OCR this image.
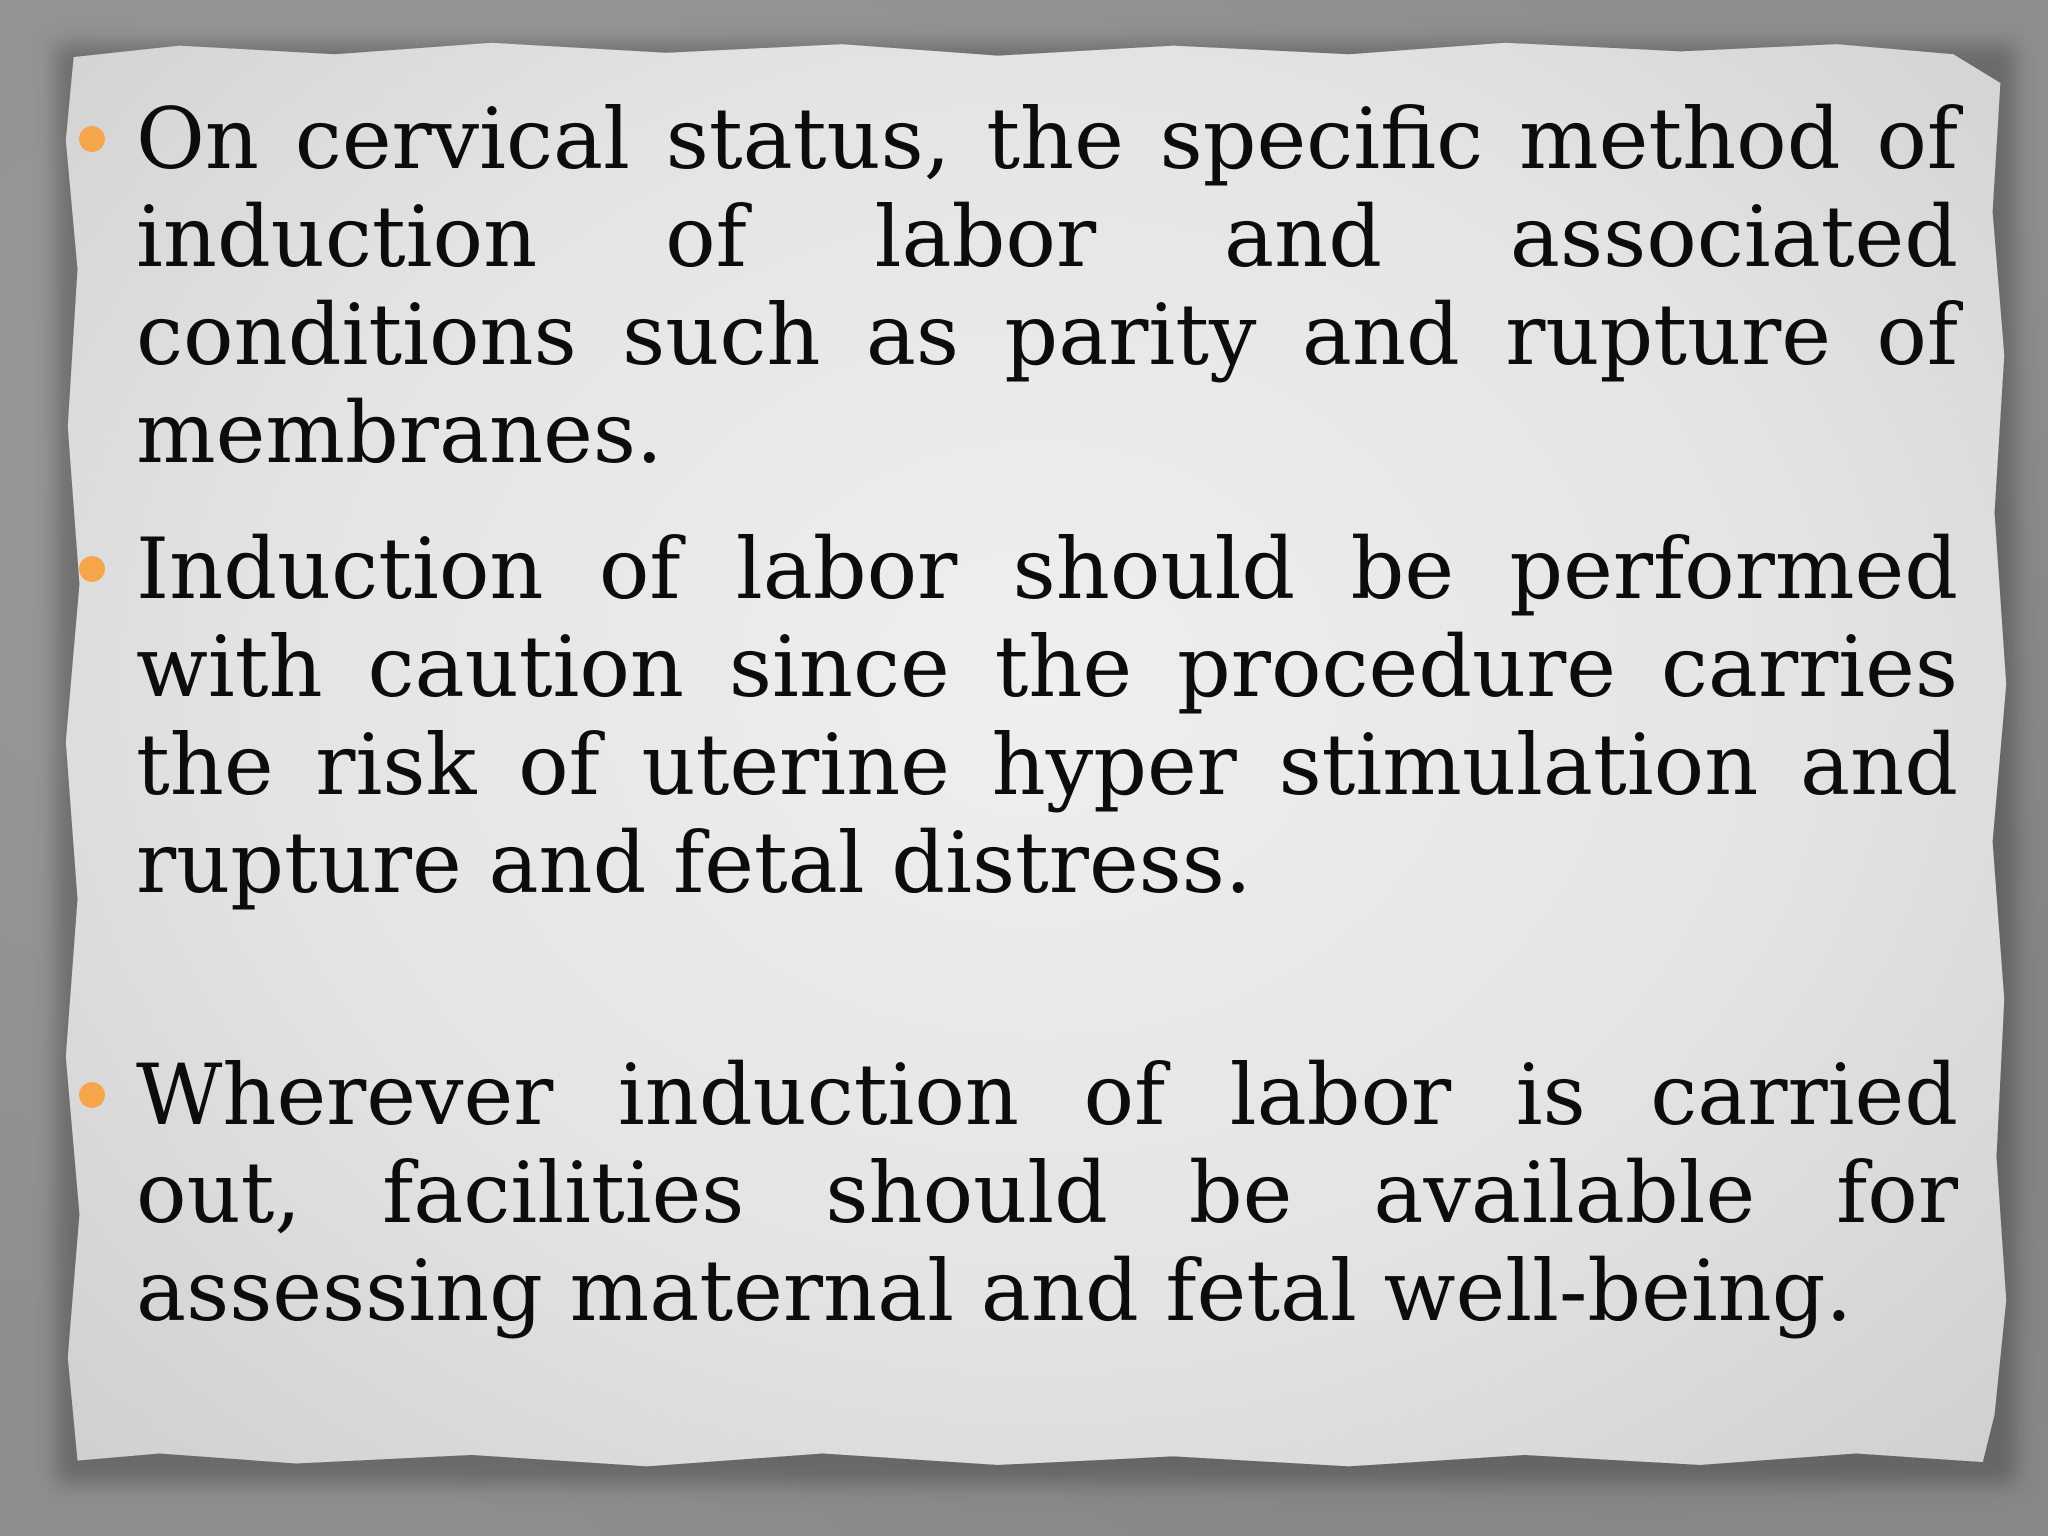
On cervical status, the specific method of induction of labor and associated conditions such as parity and rupture of membranes.
Induction of labor should be performed with caution since the procedure carries the risk of uterine hyper stimulation and rupture and fetal distress.
Wherever induction of labor is carried out, facilities should be available for assessing maternal and fetal well-being.
